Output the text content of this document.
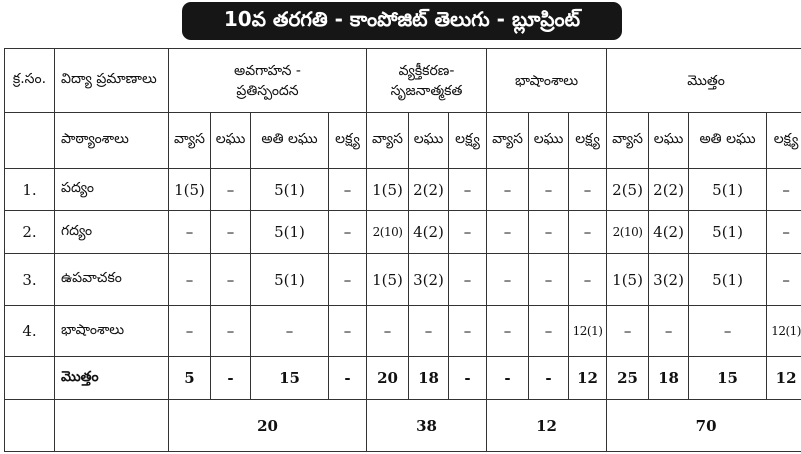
10వ తరగతి - కాంపోజిట్ తెలుగు - బ్లూప్రింట్
క్ర.సం.	విద్యా ప్రమాణాలు	అవగాహన - ప్రతిస్పందన				వ్యక్తీకరణ- సృజనాత్మకత			భాషాంశాలు			మొత్తం			
	పాఠ్యాంశాలు	వ్యాస	లఘు	అతి లఘు	లక్ష్య	వ్యాస	లఘు	లక్ష్య	వ్యాస	లఘు	లక్ష్య	వ్యాస	లఘు	అతి లఘు	లక్ష్య
1.	పద్యం	1(5)	–	5(1)	–	1(5)	2(2)	–	–	–	–	2(5)	2(2)	5(1)	–
2.	గద్యం	–	–	5(1)	–	2(10)	4(2)	–	–	–	–	2(10)	4(2)	5(1)	–
3.	ఉపవాచకం	–	–	5(1)	–	1(5)	3(2)	–	–	–	–	1(5)	3(2)	5(1)	–
4.	భాషాంశాలు	–	–	–	–	–	–	–	–	–	12(1)	–	–	–	12(1)
	మొత్తం	5	-	15	-	20	18	-	-	-	12	25	18	15	12
		20				38			12			70			
